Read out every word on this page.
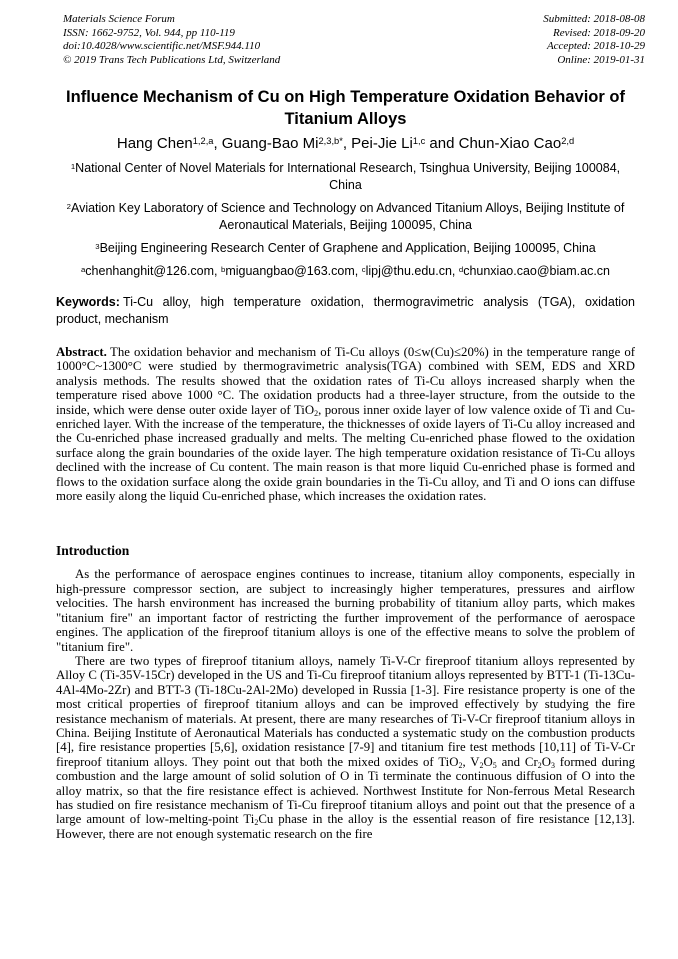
Materials Science Forum
ISSN: 1662-9752, Vol. 944, pp 110-119
doi:10.4028/www.scientific.net/MSF.944.110
© 2019 Trans Tech Publications Ltd, Switzerland
Submitted: 2018-08-08
Revised: 2018-09-20
Accepted: 2018-10-29
Online: 2019-01-31
Influence Mechanism of Cu on High Temperature Oxidation Behavior of Titanium Alloys

Hang Chen$^{1,2,a}$, Guang-Bao $Mi^{2,3,b*}$, Pei-Jie Li$^{1,c}$ and Chun-Xiao Cao$^{2,d}$

$^1$National Center of Novel Materials for International Research, Tsinghua University, Beijing 100084, China

$^2$Aviation Key Laboratory of Science and Technology on Advanced Titanium Alloys, Beijing Institute of Aeronautical Materials, Beijing 100095, China

$^3$Beijing Engineering Research Center of Graphene and Application, Beijing 100095, China

$^a$chenhanghit@126.com, $^b$miguangbao@163.com, $^c$lipj@thu.edu.cn, $^d$chunxiao.cao@biam.ac.cn

Keywords: Ti-Cu alloy, high temperature oxidation, thermogravimetric analysis (TGA), oxidation product, mechanism

Abstract. The oxidation behavior and mechanism of Ti-Cu alloys (0≤w(Cu)≤20%) in the temperature range of 1000°C~1300°C were studied by thermogravimetric analysis(TGA) combined with SEM, EDS and XRD analysis methods. The results showed that the oxidation rates of Ti-Cu alloys increased sharply when the temperature rised above 1000 °C. The oxidation products had a three-layer structure, from the outside to the inside, which were dense outer oxide layer of TiO$_2$, porous inner oxide layer of low valence oxide of Ti and Cu-enriched layer. With the increase of the temperature, the thicknesses of oxide layers of Ti-Cu alloy increased and the Cu-enriched phase increased gradually and melts. The melting Cu-enriched phase flowed to the oxidation surface along the grain boundaries of the oxide layer. The high temperature oxidation resistance of Ti-Cu alloys declined with the increase of Cu content. The main reason is that more liquid Cu-enriched phase is formed and flows to the oxidation surface along the oxide grain boundaries in the Ti-Cu alloy, and Ti and O ions can diffuse more easily along the liquid Cu-enriched phase, which increases the oxidation rates.

Introduction

As the performance of aerospace engines continues to increase, titanium alloy components, especially in high-pressure compressor section, are subject to increasingly higher temperatures, pressures and airflow velocities. The harsh environment has increased the burning probability of titanium alloy parts, which makes "titanium fire" an important factor of restricting the further improvement of the performance of aerospace engines. The application of the fireproof titanium alloys is one of the effective means to solve the problem of "titanium fire".

There are two types of fireproof titanium alloys, namely Ti-V-Cr fireproof titanium alloys represented by Alloy C (Ti-35V-15Cr) developed in the US and Ti-Cu fireproof titanium alloys represented by BTT-1 (Ti-13Cu-4Al-4Mo-2Zr) and BTT-3 (Ti-18Cu-2Al-2Mo) developed in Russia [1-3]. Fire resistance property is one of the most critical properties of fireproof titanium alloys and can be improved effectively by studying the fire resistance mechanism of materials. At present, there are many researches of Ti-V-Cr fireproof titanium alloys in China. Beijing Institute of Aeronautical Materials has conducted a systematic study on the combustion products [4], fire resistance properties [5,6], oxidation resistance [7-9] and titanium fire test methods [10,11] of Ti-V-Cr fireproof titanium alloys. They point out that both the mixed oxides of TiO$_2$, $V_2O_5$ and $Cr_2O_3$ formed during combustion and the large amount of solid solution of O in Ti terminate the continuous diffusion of O into the alloy matrix, so that the fire resistance effect is achieved. Northwest Institute for Non-ferrous Metal Research has studied on fire resistance mechanism of Ti-Cu fireproof titanium alloys and point out that the presence of a large amount of low-melting-point $Ti_2Cu$ phase in the alloy is the essential reason of fire resistance [12,13]. However, there are not enough systematic research on the fire
